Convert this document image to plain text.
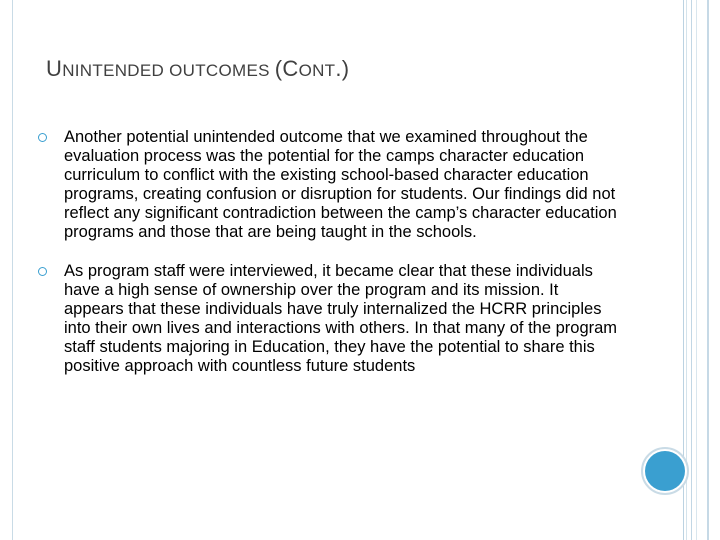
UNINTENDED OUTCOMES (CONT.)

Another potential unintended outcome that we examined throughout the evaluation process was the potential for the camps character education curriculum to conflict with the existing school-based character education programs, creating confusion or disruption for students. Our findings did not reflect any significant contradiction between the camp’s character education programs and those that are being taught in the schools.

As program staff were interviewed, it became clear that these individuals have a high sense of ownership over the program and its mission. It appears that these individuals have truly internalized the HCRR principles into their own lives and interactions with others. In that many of the program staff students majoring in Education, they have the potential to share this positive approach with countless future students
